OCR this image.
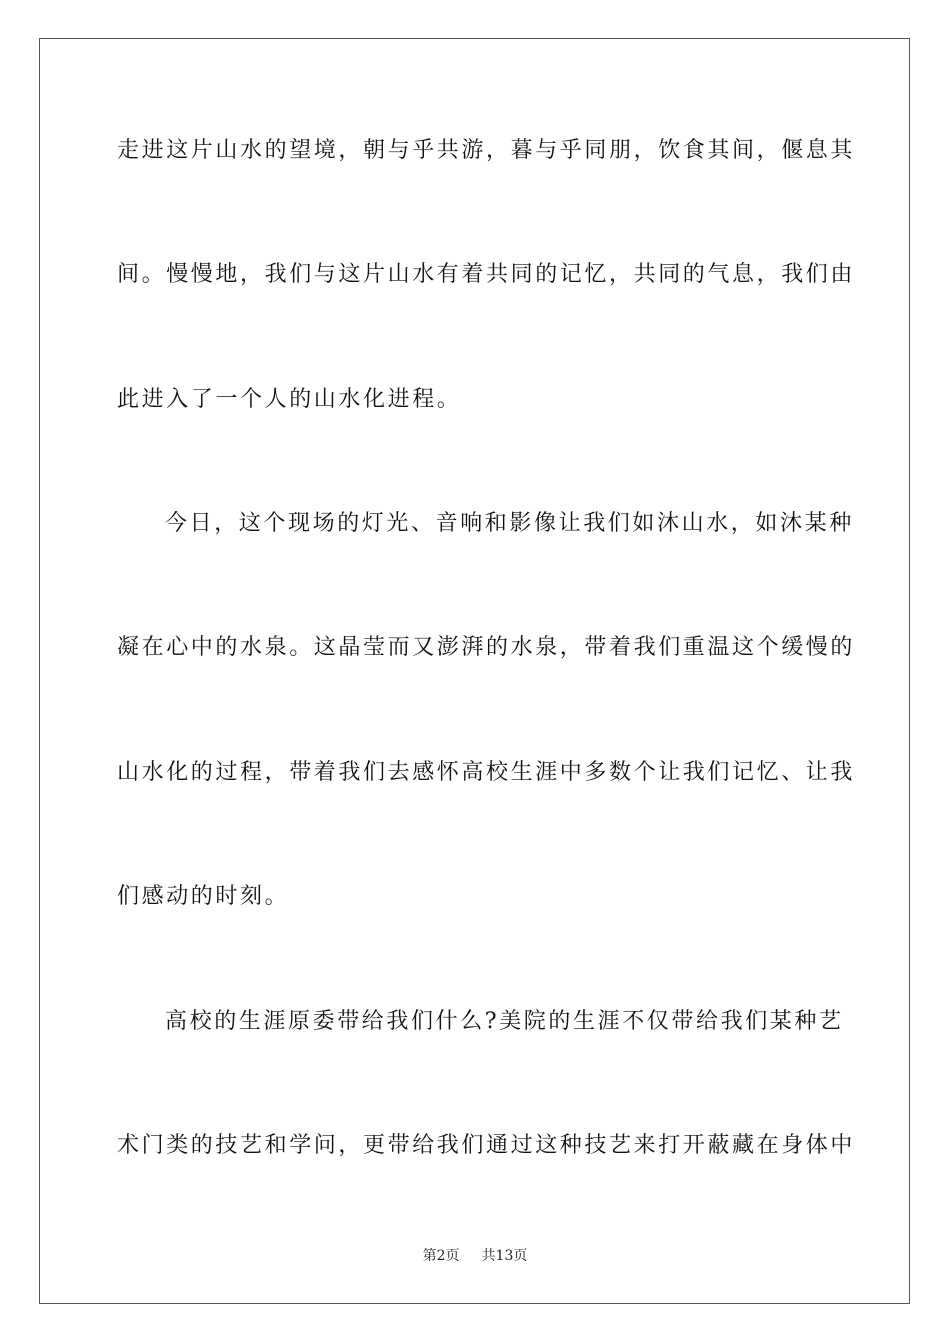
走进这片山水的望境，朝与乎共游，暮与乎同朋，饮食其间，偃息其
间。慢慢地，我们与这片山水有着共同的记忆，共同的气息，我们由
此进入了一个人的山水化进程。
今日，这个现场的灯光、音响和影像让我们如沐山水，如沐某种
凝在心中的水泉。这晶莹而又澎湃的水泉，带着我们重温这个缓慢的
山水化的过程，带着我们去感怀高校生涯中多数个让我们记忆、让我
们感动的时刻。
高校的生涯原委带给我们什么?美院的生涯不仅带给我们某种艺
术门类的技艺和学问，更带给我们通过这种技艺来打开蔽藏在身体中
第2页 共13页
